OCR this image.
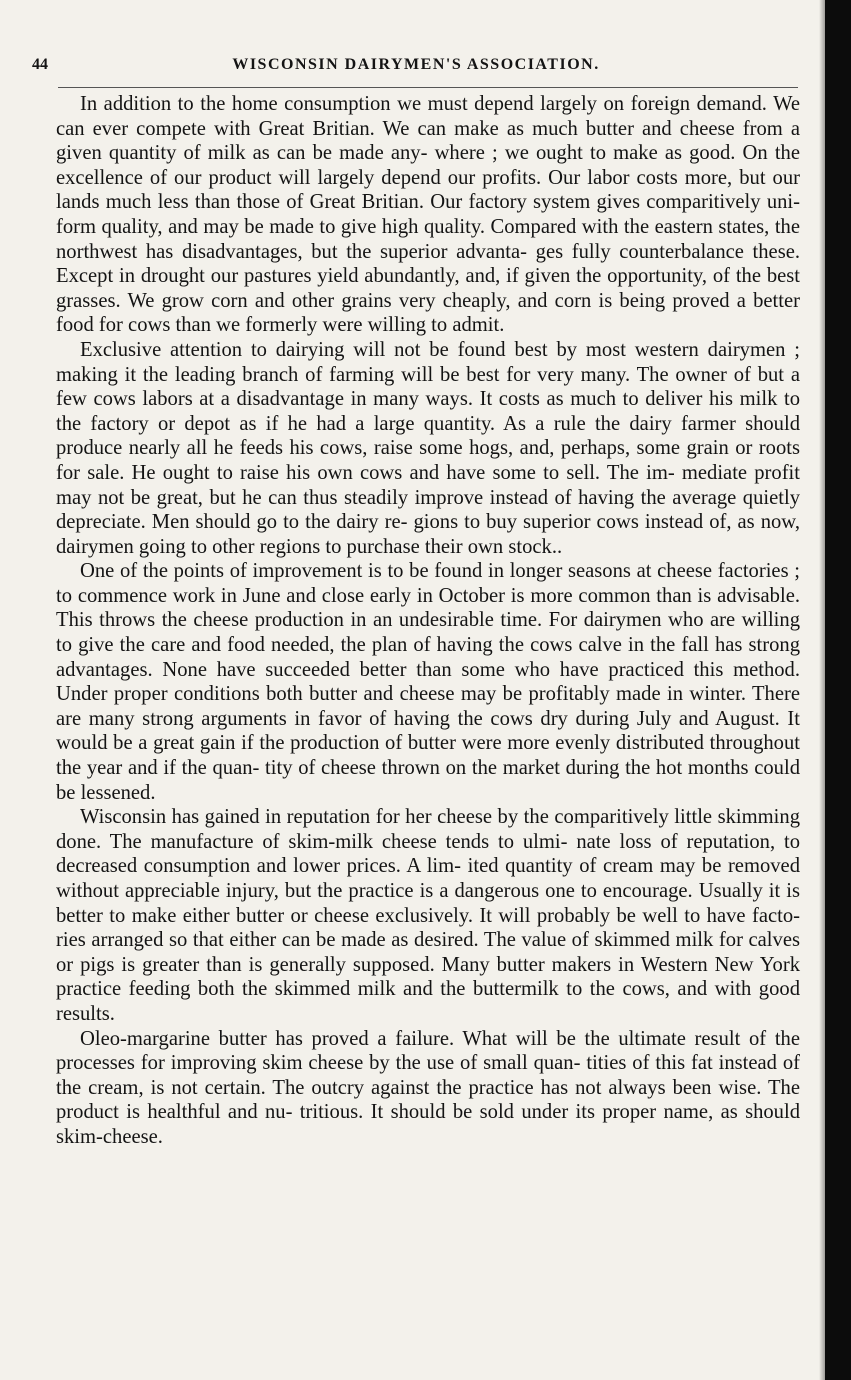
44	WISCONSIN DAIRYMEN'S ASSOCIATION.

In addition to the home consumption we must depend largely on foreign demand. We can ever compete with Great Britian. We can make as much butter and cheese from a given quantity of milk as can be made any- where ; we ought to make as good. On the excellence of our product will largely depend our profits. Our labor costs more, but our lands much less than those of Great Britian. Our factory system gives comparitively uni- form quality, and may be made to give high quality. Compared with the eastern states, the northwest has disadvantages, but the superior advanta- ges fully counterbalance these. Except in drought our pastures yield abundantly, and, if given the opportunity, of the best grasses. We grow corn and other grains very cheaply, and corn is being proved a better food for cows than we formerly were willing to admit.

Exclusive attention to dairying will not be found best by most western dairymen ; making it the leading branch of farming will be best for very many. The owner of but a few cows labors at a disadvantage in many ways. It costs as much to deliver his milk to the factory or depot as if he had a large quantity. As a rule the dairy farmer should produce nearly all he feeds his cows, raise some hogs, and, perhaps, some grain or roots for sale. He ought to raise his own cows and have some to sell. The im- mediate profit may not be great, but he can thus steadily improve instead of having the average quietly depreciate. Men should go to the dairy re- gions to buy superior cows instead of, as now, dairymen going to other regions to purchase their own stock..

One of the points of improvement is to be found in longer seasons at cheese factories ; to commence work in June and close early in October is more common than is advisable. This throws the cheese production in an undesirable time. For dairymen who are willing to give the care and food needed, the plan of having the cows calve in the fall has strong advantages. None have succeeded better than some who have practiced this method. Under proper conditions both butter and cheese may be profitably made in winter. There are many strong arguments in favor of having the cows dry during July and August. It would be a great gain if the production of butter were more evenly distributed throughout the year and if the quan- tity of cheese thrown on the market during the hot months could be lessened.

Wisconsin has gained in reputation for her cheese by the comparitively little skimming done. The manufacture of skim-milk cheese tends to ulmi- nate loss of reputation, to decreased consumption and lower prices. A lim- ited quantity of cream may be removed without appreciable injury, but the practice is a dangerous one to encourage. Usually it is better to make either butter or cheese exclusively. It will probably be well to have facto- ries arranged so that either can be made as desired. The value of skimmed milk for calves or pigs is greater than is generally supposed. Many butter makers in Western New York practice feeding both the skimmed milk and the buttermilk to the cows, and with good results.

Oleo-margarine butter has proved a failure. What will be the ultimate result of the processes for improving skim cheese by the use of small quan- tities of this fat instead of the cream, is not certain. The outcry against the practice has not always been wise. The product is healthful and nu- tritious. It should be sold under its proper name, as should skim-cheese.
